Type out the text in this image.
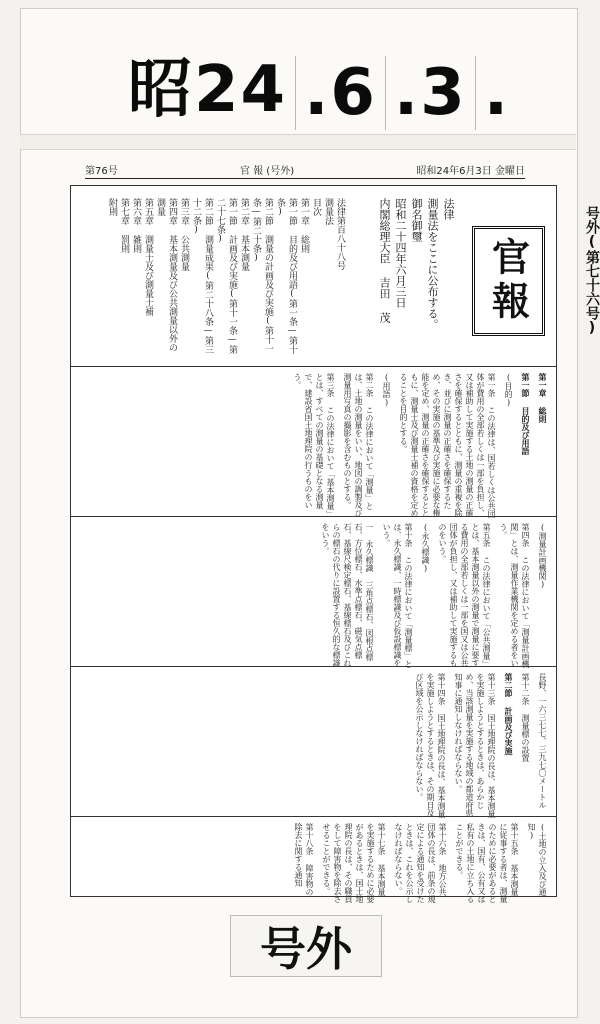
昭24 .6 .3 .
第76号	官 報 (号外)	昭和24年6月3日 金曜日
号外(第七十六号)
官報
法律
測量法をここに公布する。
御名御璽
昭和二十四年六月三日
内閣総理大臣 吉田 茂
法律第百八十八号
測量法
目次
第一章 総則
第一節 目的及び用語(第一条—第十条)
第二節 測量の計画及び実施(第十一条—第二十条)
第二章 基本測量
第一節 計画及び実施(第十一条—第二十七条)
第二節 測量成果(第二十八条—第三十二条)
第三章 公共測量
第四章 基本測量及び公共測量以外の測量
第五章 測量士及び測量士補
第六章 雑則
第七章 罰則
附則
第一章 総則
第一節 目的及び用語
(目的)
第一条 この法律は、国若しくは公共団体が費用の全部若しくは一部を負担し、又は補助して実施する土地の測量の正確さを確保するとともに、測量の重複を除き、並びに測量の正確さを確保するため、その実施の基準及び実施に必要な権能を定め、測量の正確さを確保するとともに、測量士及び測量士補の資格を定めることを目的とする。
(用語)
第二条 この法律において「測量」とは、土地の測量をいい、地図の調製及び測量用写真の撮影を含むものとする。
第三条 この法律において「基本測量」とは、すべての測量の基礎となる測量で、建設省国土地理院の行うものをいう。
(測量計画機関)
第四条 この法律において「測量計画機関」とは、測量作業機関を定める者をいう。
第五条 この法律において「公共測量」とは、基本測量以外の測量で測量に要する費用の全部若しくは一部を国又は公共団体が負担し、又は補助して実施するものをいう。
(永久標識)
第十条 この法律において「測量標」とは、永久標識、一時標識及び仮設標識をいう。
一 永久標識 三角点標石、図根点標石、方位標石、水準点標石、磁気点標石、基線尺検定標石、基線標石及びこれらの標石の代りに設置する恒久的な標識をいう。
長野、一六三七七、三九七〇メートル
第十二条 測量標の設置
第二節 計画及び実施
第十三条 国土地理院の長は、基本測量を実施しようとするときは、あらかじめ、当該測量を実施する地域の都道府県知事に通知しなければならない。
第十四条 国土地理院の長は、基本測量を実施しようとするときは、その期日及び区域を公示しなければならない。
(土地の立入及び通知)
第十五条 基本測量に従事する者は、測量のために必要があるときは、国有、公有又は私有の土地に立ち入ることができる。
第十六条 地方公共団体の長は、前条の規定による通知を受けたときは、これを公示しなければならない。
第十七条 基本測量を実施するために必要があるときは、国土地理院の長は、その職員をして障害物を除去させることができる。
第十八条 障害物の除去に関する通知
号外
